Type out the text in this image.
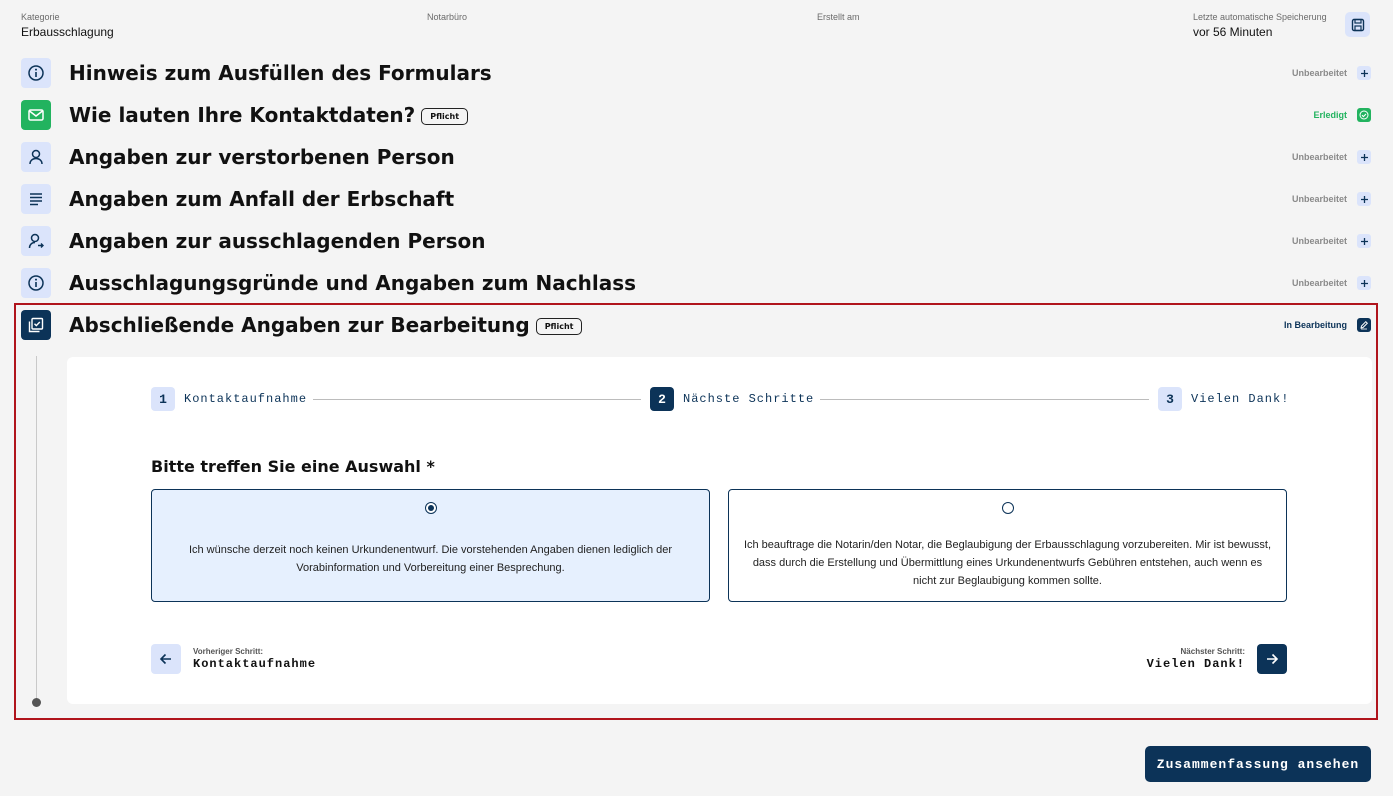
Kategorie
Erbausschlagung
Notarbüro	Erstellt am	Letzte automatische Speicherung
vor 56 Minuten
Hinweis zum Ausfüllen des Formulars	Unbearbeitet
Wie lauten Ihre Kontaktdaten? Pflicht	Erledigt
Angaben zur verstorbenen Person	Unbearbeitet
Angaben zum Anfall der Erbschaft	Unbearbeitet
Angaben zur ausschlagenden Person	Unbearbeitet
Ausschlagungsgründe und Angaben zum Nachlass	Unbearbeitet
Abschließende Angaben zur Bearbeitung Pflicht	In Bearbeitung
1	Kontaktaufnahme	2	Nächste Schritte	3	Vielen Dank!
Bitte treffen Sie eine Auswahl *
Ich wünsche derzeit noch keinen Urkundenentwurf. Die vorstehenden Angaben dienen lediglich der Vorabinformation und Vorbereitung einer Besprechung.
Ich beauftrage die Notarin/den Notar, die Beglaubigung der Erbausschlagung vorzubereiten. Mir ist bewusst, dass durch die Erstellung und Übermittlung eines Urkundenentwurfs Gebühren entstehen, auch wenn es nicht zur Beglaubigung kommen sollte.
Vorheriger Schritt:
Kontaktaufnahme
Nächster Schritt:
Vielen Dank!
Zusammenfassung ansehen
